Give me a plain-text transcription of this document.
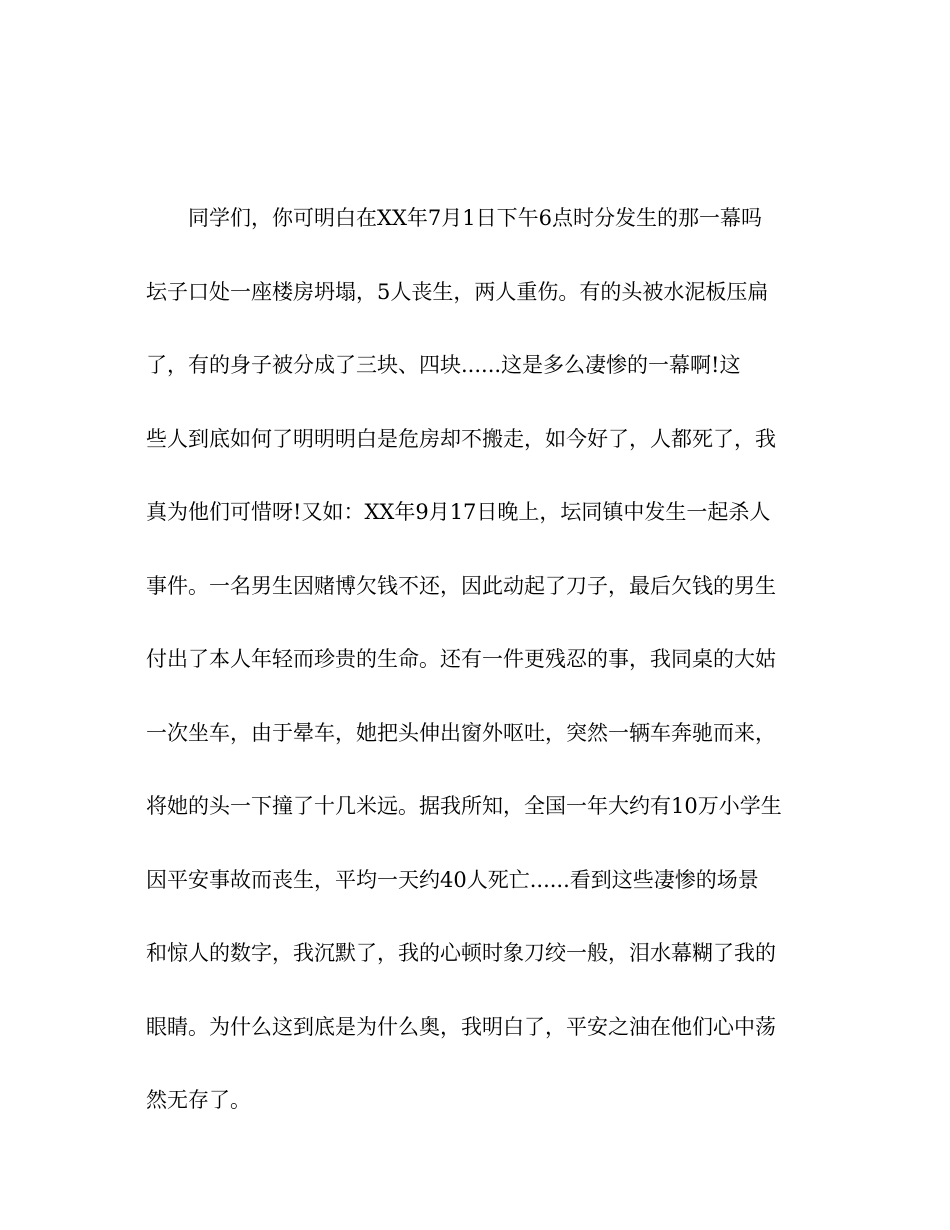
同学们，你可明白在XX年7月1日下午6点时分发生的那一幕吗
坛子口处一座楼房坍塌，5人丧生，两人重伤。有的头被水泥板压扁
了，有的身子被分成了三块、四块......这是多么凄惨的一幕啊!这
些人到底如何了明明明白是危房却不搬走，如今好了，人都死了，我
真为他们可惜呀!又如：XX年9月17日晚上，坛同镇中发生一起杀人
事件。一名男生因赌博欠钱不还，因此动起了刀子，最后欠钱的男生
付出了本人年轻而珍贵的生命。还有一件更残忍的事，我同桌的大姑
一次坐车，由于晕车，她把头伸出窗外呕吐，突然一辆车奔驰而来，
将她的头一下撞了十几米远。据我所知，全国一年大约有10万小学生
因平安事故而丧生，平均一天约40人死亡......看到这些凄惨的场景
和惊人的数字，我沉默了，我的心顿时象刀绞一般，泪水幕糊了我的
眼睛。为什么这到底是为什么奥，我明白了，平安之油在他们心中荡
然无存了。
